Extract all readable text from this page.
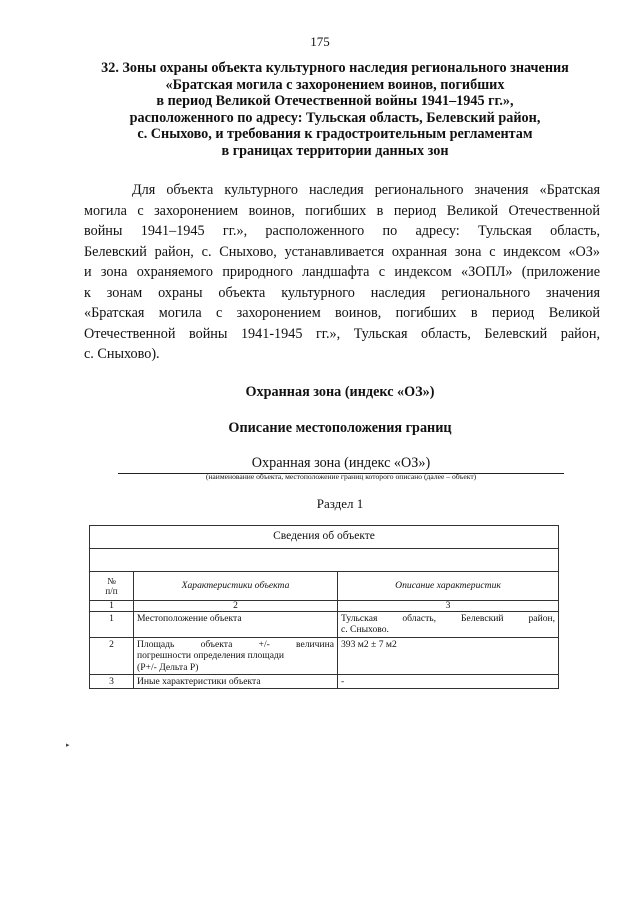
175
32. Зоны охраны объекта культурного наследия регионального значения
«Братская могила с захоронением воинов, погибших
в период Великой Отечественной войны 1941–1945 гг.»,
расположенного по адресу: Тульская область, Белевский район,
с. Сныхово, и требования к градостроительным регламентам
в границах территории данных зон
Для объекта культурного наследия регионального значения «Братская
могила с захоронением воинов, погибших в период Великой Отечественной
войны 1941–1945 гг.», расположенного по адресу: Тульская область,
Белевский район, с. Сныхово, устанавливается охранная зона с индексом «ОЗ»
и зона охраняемого природного ландшафта с индексом «ЗОПЛ» (приложение
к зонам охраны объекта культурного наследия регионального значения
«Братская могила с захоронением воинов, погибших в период Великой
Отечественной войны 1941-1945 гг.», Тульская область, Белевский район,
с. Сныхово).
Охранная зона (индекс «ОЗ»)
Описание местоположения границ
Охранная зона (индекс «ОЗ»)
(наименование объекта, местоположение границ которого описано (далее – объект)
Раздел 1
Сведения об объекте		

№
п/п	Характеристики объекта	Описание характеристик
1	2	3
1	Местоположение объекта	Тульская область, Белевский район,
с. Сныхово.

2	Площадь объекта +/- величина
погрешности определения площади
(Р+/- Дельта Р)	393 м2 ± 7 м2
3	Иные характеристики объекта	-
▸
